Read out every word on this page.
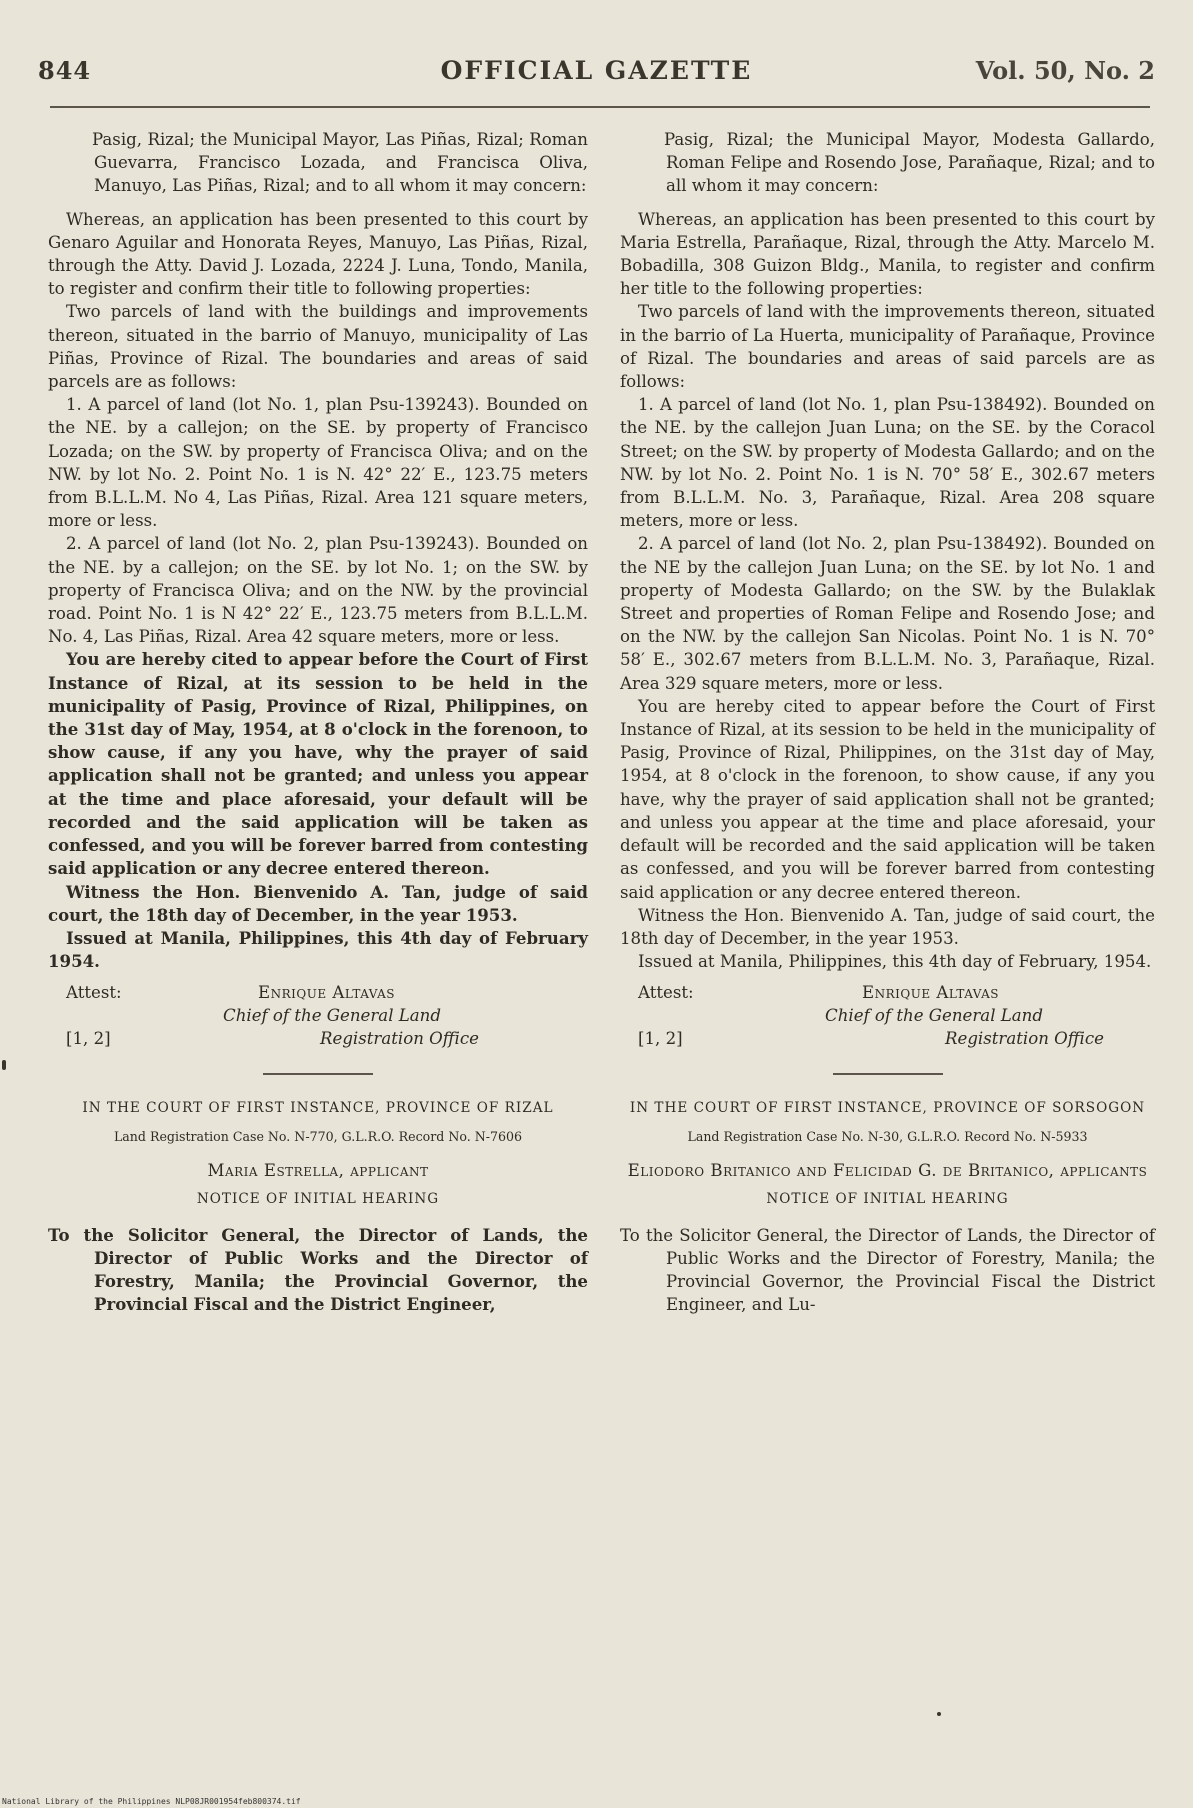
844	OFFICIAL GAZETTE	Vol. 50, No. 2

Pasig, Rizal; the Municipal Mayor, Las Piñas, Rizal; Roman Guevarra, Francisco Lozada, and Francisca Oliva, Manuyo, Las Piñas, Rizal; and to all whom it may concern:

Whereas, an application has been presented to this court by Genaro Aguilar and Honorata Reyes, Manuyo, Las Piñas, Rizal, through the Atty. David J. Lozada, 2224 J. Luna, Tondo, Manila, to register and confirm their title to following properties:

Two parcels of land with the buildings and improvements thereon, situated in the barrio of Manuyo, municipality of Las Piñas, Province of Rizal. The boundaries and areas of said parcels are as follows:

1. A parcel of land (lot No. 1, plan Psu-139243). Bounded on the NE. by a callejon; on the SE. by property of Francisco Lozada; on the SW. by property of Francisca Oliva; and on the NW. by lot No. 2. Point No. 1 is N. 42° 22′ E., 123.75 meters from B.L.L.M. No 4, Las Piñas, Rizal. Area 121 square meters, more or less.

2. A parcel of land (lot No. 2, plan Psu-139243). Bounded on the NE. by a callejon; on the SE. by lot No. 1; on the SW. by property of Francisca Oliva; and on the NW. by the provincial road. Point No. 1 is N 42° 22′ E., 123.75 meters from B.L.L.M. No. 4, Las Piñas, Rizal. Area 42 square meters, more or less.

You are hereby cited to appear before the Court of First Instance of Rizal, at its session to be held in the municipality of Pasig, Province of Rizal, Philippines, on the 31st day of May, 1954, at 8 o'clock in the forenoon, to show cause, if any you have, why the prayer of said application shall not be granted; and unless you appear at the time and place aforesaid, your default will be recorded and the said application will be taken as confessed, and you will be forever barred from contesting said application or any decree entered thereon.

Witness the Hon. Bienvenido A. Tan, judge of said court, the 18th day of December, in the year 1953.

Issued at Manila, Philippines, this 4th day of February 1954.

Attest:	Enrique Altavas
Chief of the General Land
[1, 2]	Registration Office
IN THE COURT OF FIRST INSTANCE, PROVINCE OF RIZAL
Land Registration Case No. N-770, G.L.R.O. Record No. N-7606
Maria Estrella, applicant
NOTICE OF INITIAL HEARING

To the Solicitor General, the Director of Lands, the Director of Public Works and the Director of Forestry, Manila; the Provincial Governor, the Provincial Fiscal and the District Engineer,

Pasig, Rizal; the Municipal Mayor, Modesta Gallardo, Roman Felipe and Rosendo Jose, Parañaque, Rizal; and to all whom it may concern:

Whereas, an application has been presented to this court by Maria Estrella, Parañaque, Rizal, through the Atty. Marcelo M. Bobadilla, 308 Guizon Bldg., Manila, to register and confirm her title to the following properties:

Two parcels of land with the improvements thereon, situated in the barrio of La Huerta, municipality of Parañaque, Province of Rizal. The boundaries and areas of said parcels are as follows:

1. A parcel of land (lot No. 1, plan Psu-138492). Bounded on the NE. by the callejon Juan Luna; on the SE. by the Coracol Street; on the SW. by property of Modesta Gallardo; and on the NW. by lot No. 2. Point No. 1 is N. 70° 58′ E., 302.67 meters from B.L.L.M. No. 3, Parañaque, Rizal. Area 208 square meters, more or less.

2. A parcel of land (lot No. 2, plan Psu-138492). Bounded on the NE by the callejon Juan Luna; on the SE. by lot No. 1 and property of Modesta Gallardo; on the SW. by the Bulaklak Street and properties of Roman Felipe and Rosendo Jose; and on the NW. by the callejon San Nicolas. Point No. 1 is N. 70° 58′ E., 302.67 meters from B.L.L.M. No. 3, Parañaque, Rizal. Area 329 square meters, more or less.

You are hereby cited to appear before the Court of First Instance of Rizal, at its session to be held in the municipality of Pasig, Province of Rizal, Philippines, on the 31st day of May, 1954, at 8 o'clock in the forenoon, to show cause, if any you have, why the prayer of said application shall not be granted; and unless you appear at the time and place aforesaid, your default will be recorded and the said application will be taken as confessed, and you will be forever barred from contesting said application or any decree entered thereon.

Witness the Hon. Bienvenido A. Tan, judge of said court, the 18th day of December, in the year 1953.

Issued at Manila, Philippines, this 4th day of February, 1954.

Attest:	Enrique Altavas
Chief of the General Land
[1, 2]	Registration Office
IN THE COURT OF FIRST INSTANCE, PROVINCE OF SORSOGON
Land Registration Case No. N-30, G.L.R.O. Record No. N-5933
Eliodoro Britanico and Felicidad G. de Britanico, applicants
NOTICE OF INITIAL HEARING

To the Solicitor General, the Director of Lands, the Director of Public Works and the Director of Forestry, Manila; the Provincial Governor, the Provincial Fiscal the District Engineer, and Lu-

National Library of the Philippines NLP08JR001954feb800374.tif
